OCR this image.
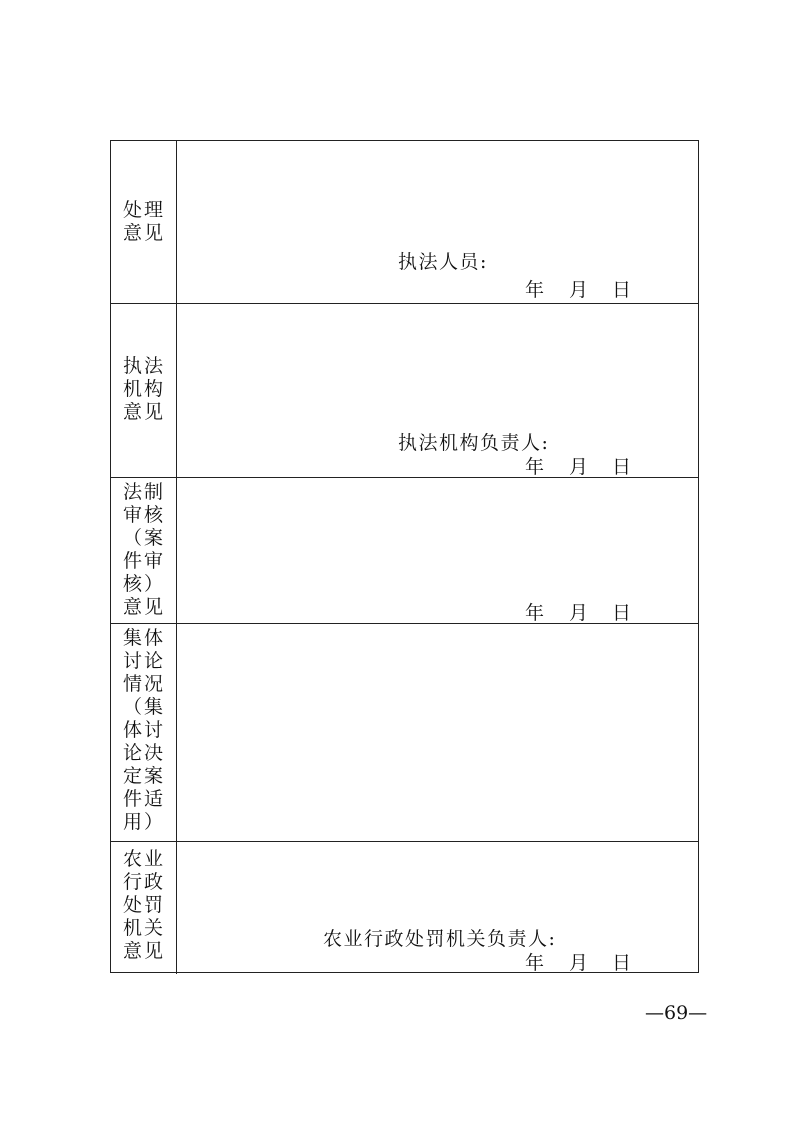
处理
意见
执法人员:
年 月 日
执法
机构
意见
执法机构负责人:
年 月 日
法制
审核
（案
件审
核）
意见	年 月 日
集体
讨论
情况
（集
体讨
论决
定案
件适
用）
农业
行政
处罚
机关
意见
农业行政处罚机关负责人:
年 月 日
—69—
